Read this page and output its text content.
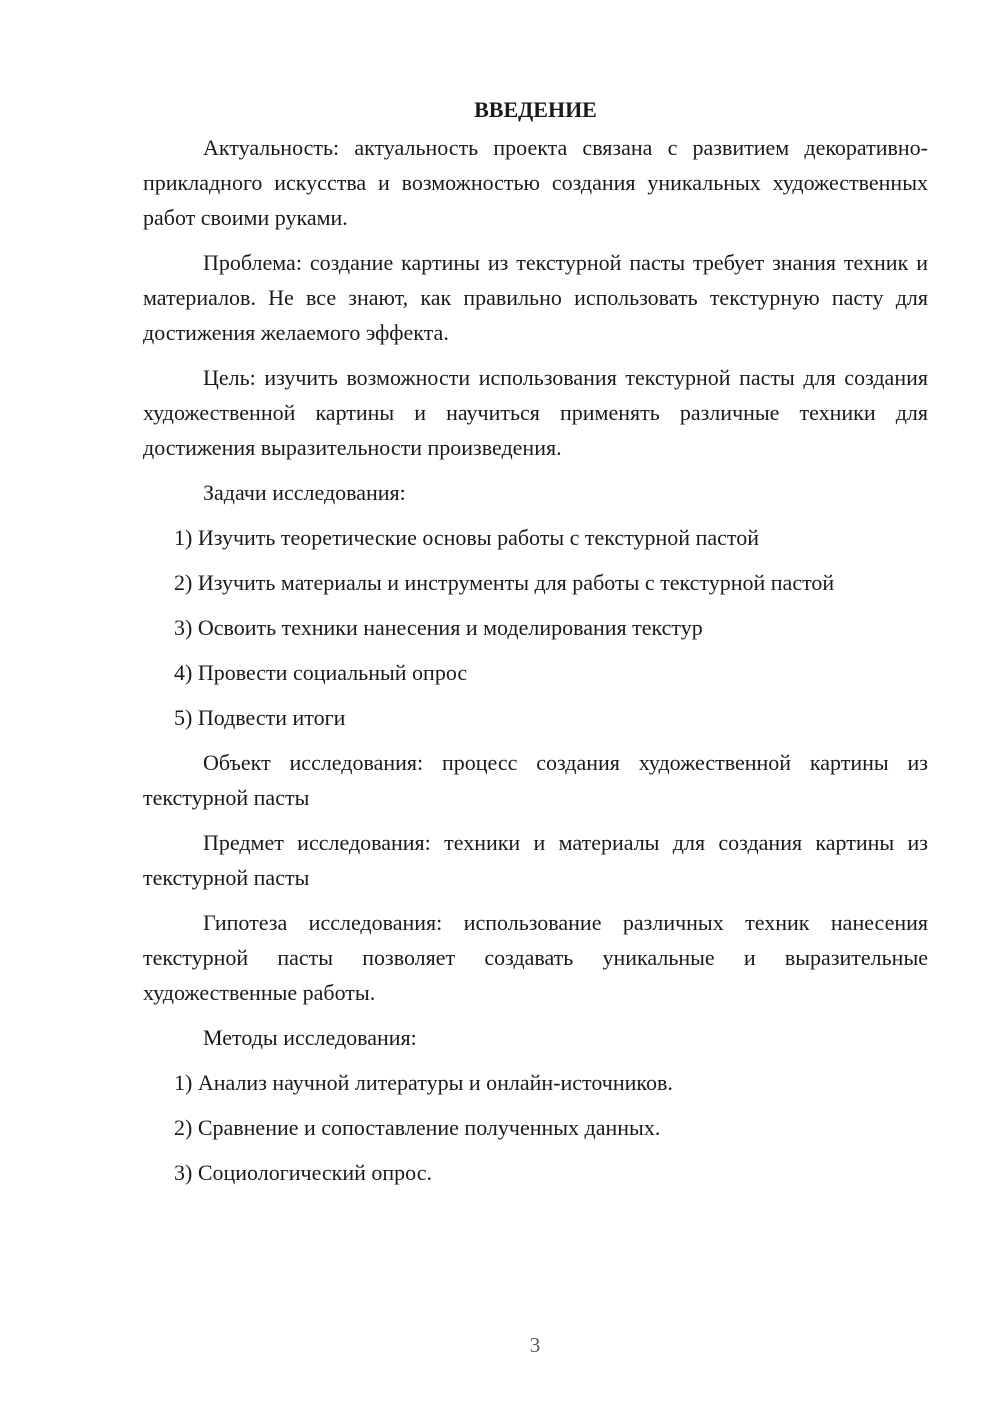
ВВЕДЕНИЕ

Актуальность: актуальность проекта связана с развитием декоративно-прикладного искусства и возможностью создания уникальных художественных работ своими руками.

Проблема: создание картины из текстурной пасты требует знания техник и материалов. Не все знают, как правильно использовать текстурную пасту для достижения желаемого эффекта.

Цель: изучить возможности использования текстурной пасты для создания художественной картины и научиться применять различные техники для достижения выразительности произведения.

Задачи исследования:

1) Изучить теоретические основы работы с текстурной пастой
2) Изучить материалы и инструменты для работы с текстурной пастой
3) Освоить техники нанесения и моделирования текстур
4) Провести социальный опрос
5) Подвести итоги

Объект исследования: процесс создания художественной картины из текстурной пасты

Предмет исследования: техники и материалы для создания картины из текстурной пасты

Гипотеза исследования: использование различных техник нанесения текстурной пасты позволяет создавать уникальные и выразительные художественные работы.

Методы исследования:

1) Анализ научной литературы и онлайн-источников.
2) Сравнение и сопоставление полученных данных.
3) Социологический опрос.
3
